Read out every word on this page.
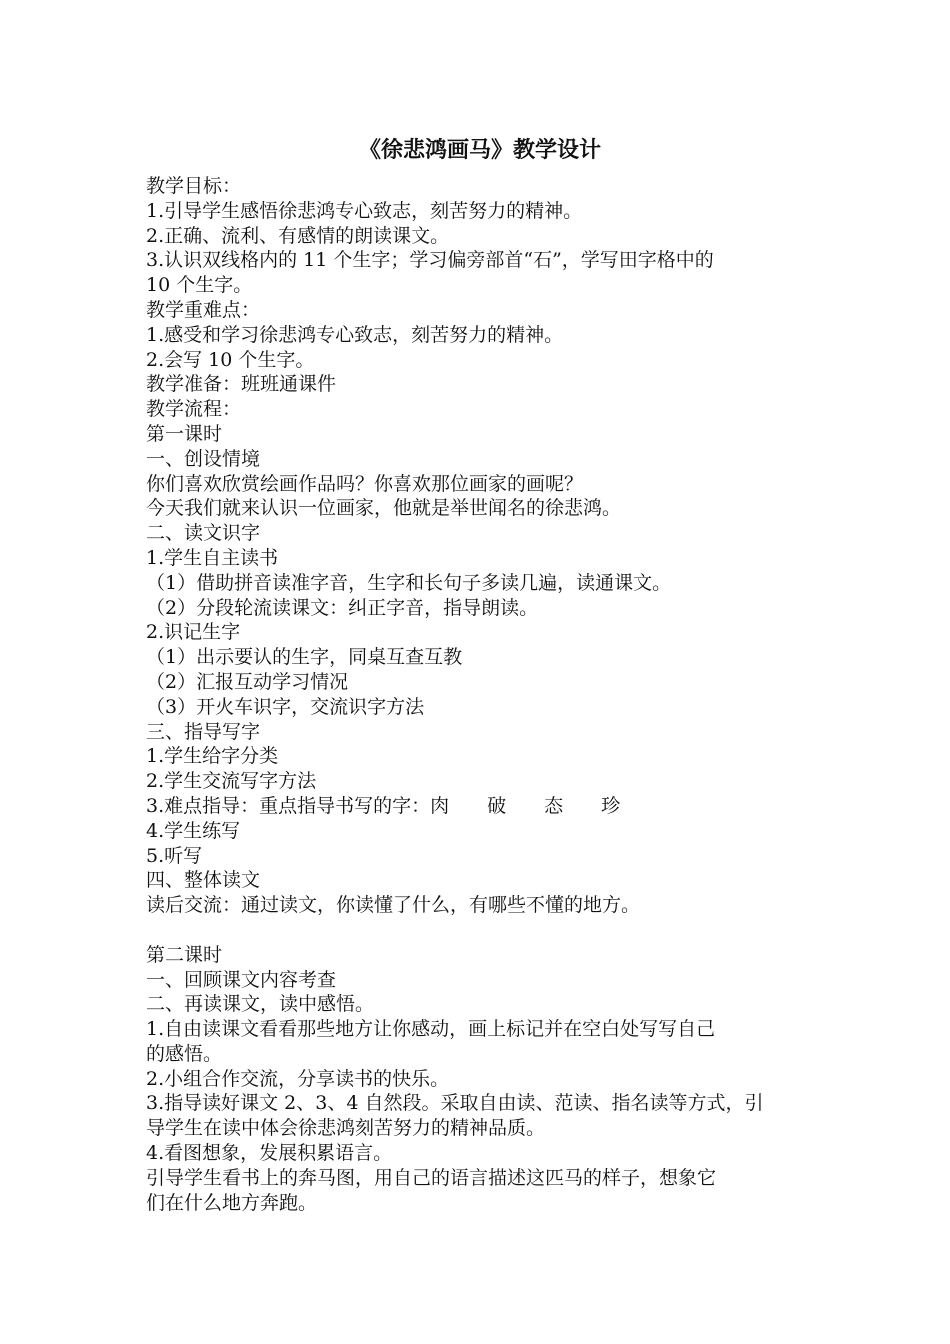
《徐悲鸿画马》教学设计

教学目标：

1.引导学生感悟徐悲鸿专心致志，刻苦努力的精神。

2.正确、流利、有感情的朗读课文。

3.认识双线格内的 11 个生字；学习偏旁部首“石”，学写田字格中的

10 个生字。

教学重难点：

1.感受和学习徐悲鸿专心致志，刻苦努力的精神。

2.会写 10 个生字。

教学准备：班班通课件

教学流程：

第一课时

一、创设情境

你们喜欢欣赏绘画作品吗？你喜欢那位画家的画呢？

今天我们就来认识一位画家，他就是举世闻名的徐悲鸿。

二、读文识字

1.学生自主读书

（1）借助拼音读准字音，生字和长句子多读几遍，读通课文。

（2）分段轮流读课文：纠正字音，指导朗读。

2.识记生字

（1）出示要认的生字，同桌互查互教

（2）汇报互动学习情况

（3）开火车识字，交流识字方法

三、指导写字

1.学生给字分类

2.学生交流写字方法

3.难点指导：重点指导书写的字：肉　　破　　态　　珍

4.学生练写

5.听写

四、整体读文

读后交流：通过读文，你读懂了什么，有哪些不懂的地方。

第二课时

一、回顾课文内容考查

二、再读课文，读中感悟。

1.自由读课文看看那些地方让你感动，画上标记并在空白处写写自己

的感悟。

2.小组合作交流，分享读书的快乐。

3.指导读好课文 2、3、4 自然段。采取自由读、范读、指名读等方式，引

导学生在读中体会徐悲鸿刻苦努力的精神品质。

4.看图想象，发展积累语言。

引导学生看书上的奔马图，用自己的语言描述这匹马的样子，想象它

们在什么地方奔跑。
